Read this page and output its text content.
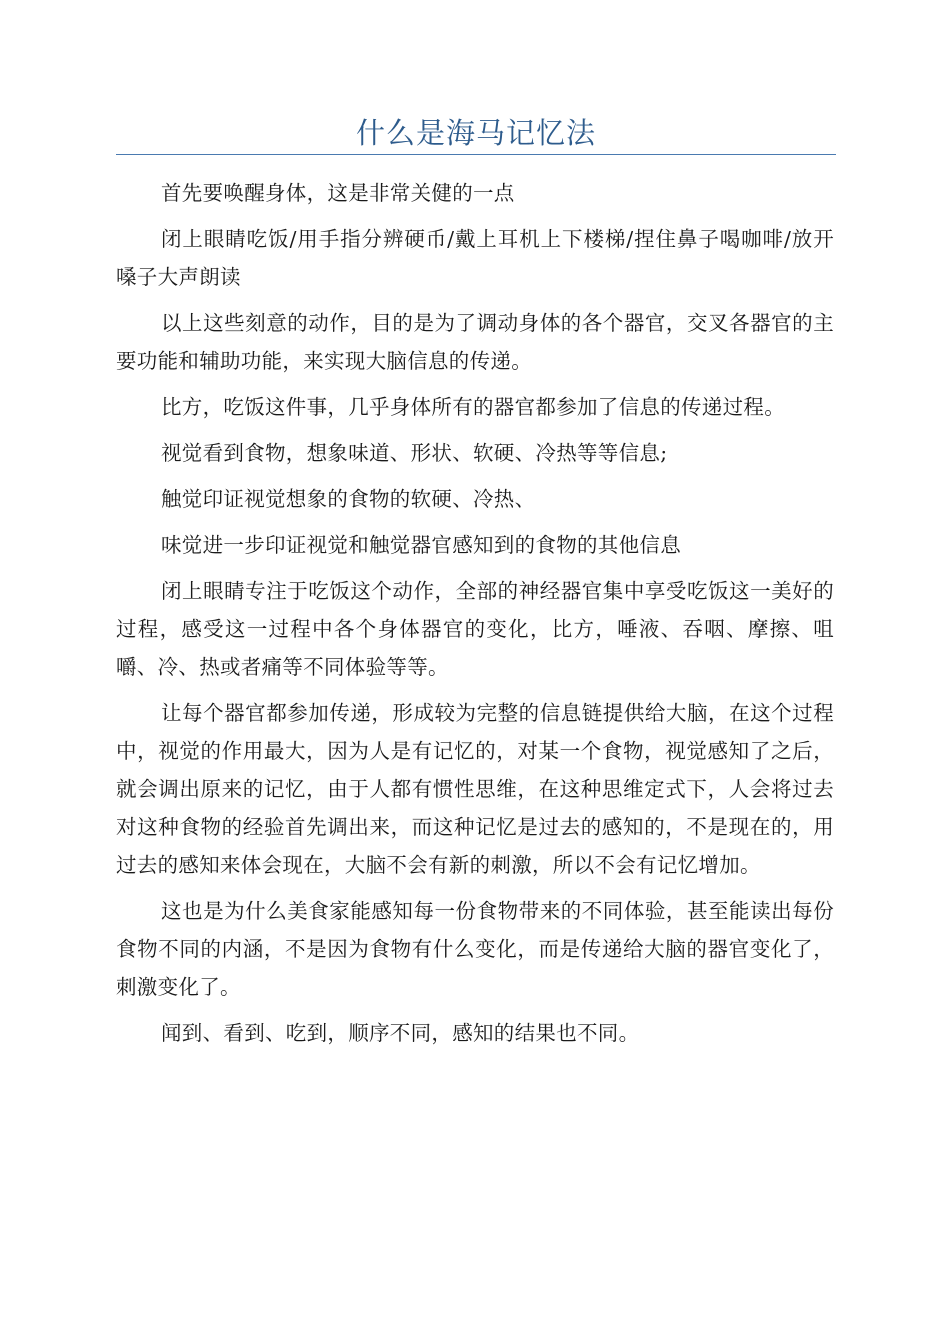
什么是海马记忆法

首先要唤醒身体，这是非常关健的一点

闭上眼睛吃饭/用手指分辨硬币/戴上耳机上下楼梯/捏住鼻子喝咖啡/放开嗓子大声朗读

以上这些刻意的动作，目的是为了调动身体的各个器官，交叉各器官的主要功能和辅助功能，来实现大脑信息的传递。

比方，吃饭这件事，几乎身体所有的器官都参加了信息的传递过程。

视觉看到食物，想象味道、形状、软硬、冷热等等信息;

触觉印证视觉想象的食物的软硬、冷热、

味觉进一步印证视觉和触觉器官感知到的食物的其他信息

闭上眼睛专注于吃饭这个动作，全部的神经器官集中享受吃饭这一美好的过程，感受这一过程中各个身体器官的变化，比方，唾液、吞咽、摩擦、咀嚼、冷、热或者痛等不同体验等等。

让每个器官都参加传递，形成较为完整的信息链提供给大脑，在这个过程中，视觉的作用最大，因为人是有记忆的，对某一个食物，视觉感知了之后，就会调出原来的记忆，由于人都有惯性思维，在这种思维定式下，人会将过去对这种食物的经验首先调出来，而这种记忆是过去的感知的，不是现在的，用过去的感知来体会现在，大脑不会有新的刺激，所以不会有记忆增加。

这也是为什么美食家能感知每一份食物带来的不同体验，甚至能读出每份食物不同的内涵，不是因为食物有什么变化，而是传递给大脑的器官变化了，刺激变化了。

闻到、看到、吃到，顺序不同，感知的结果也不同。
